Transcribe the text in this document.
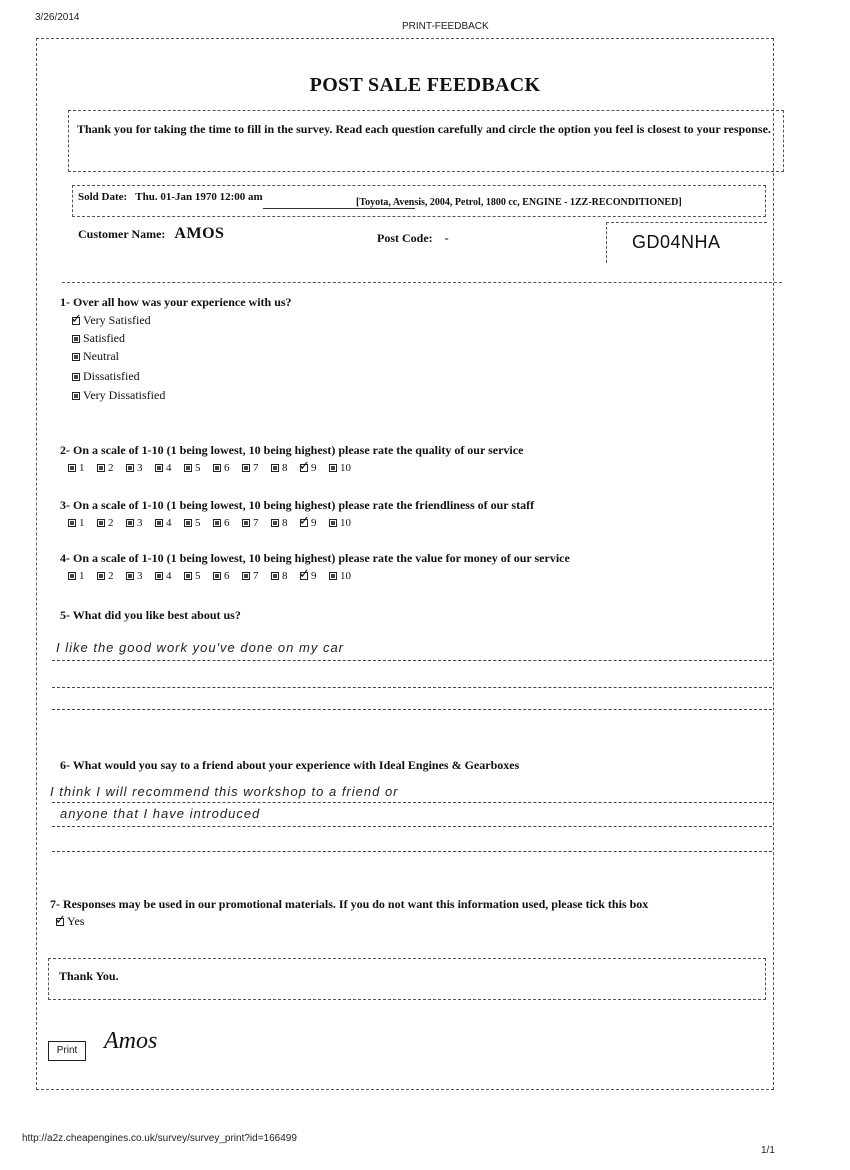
3/26/2014
PRINT-FEEDBACK
POST SALE FEEDBACK
Thank you for taking the time to fill in the survey. Read each question carefully and circle the option you feel is closest to your response.
Sold Date: Thu. 01-Jan 1970 12:00 am	[Toyota, Avensis, 2004, Petrol, 1800 cc, ENGINE - 1ZZ-RECONDITIONED]
Customer Name: AMOS	Post Code: -	GD04NHA
1- Over all how was your experience with us?
✓
Very Satisfied
Satisfied
Neutral
Dissatisfied
Very Dissatisfied
2- On a scale of 1-10 (1 being lowest, 10 being highest) please rate the quality of our service
1 2 3 4 5 6 7 8 ✓ 9 10
3- On a scale of 1-10 (1 being lowest, 10 being highest) please rate the friendliness of our staff
1 2 3 4 5 6 7 8 ✓ 9 10
4- On a scale of 1-10 (1 being lowest, 10 being highest) please rate the value for money of our service
1 2 3 4 5 6 7 8 ✓ 9 10
5- What did you like best about us?
I like the good work you've done on my car
6- What would you say to a friend about your experience with Ideal Engines & Gearboxes
I think I will recommend this workshop to a friend or
anyone that I have introduced
7- Responses may be used in our promotional materials. If you do not want this information used, please tick this box
✓
Yes
Thank You.
Print	Amos
http://a2z.cheapengines.co.uk/survey/survey_print?id=166499
1/1
